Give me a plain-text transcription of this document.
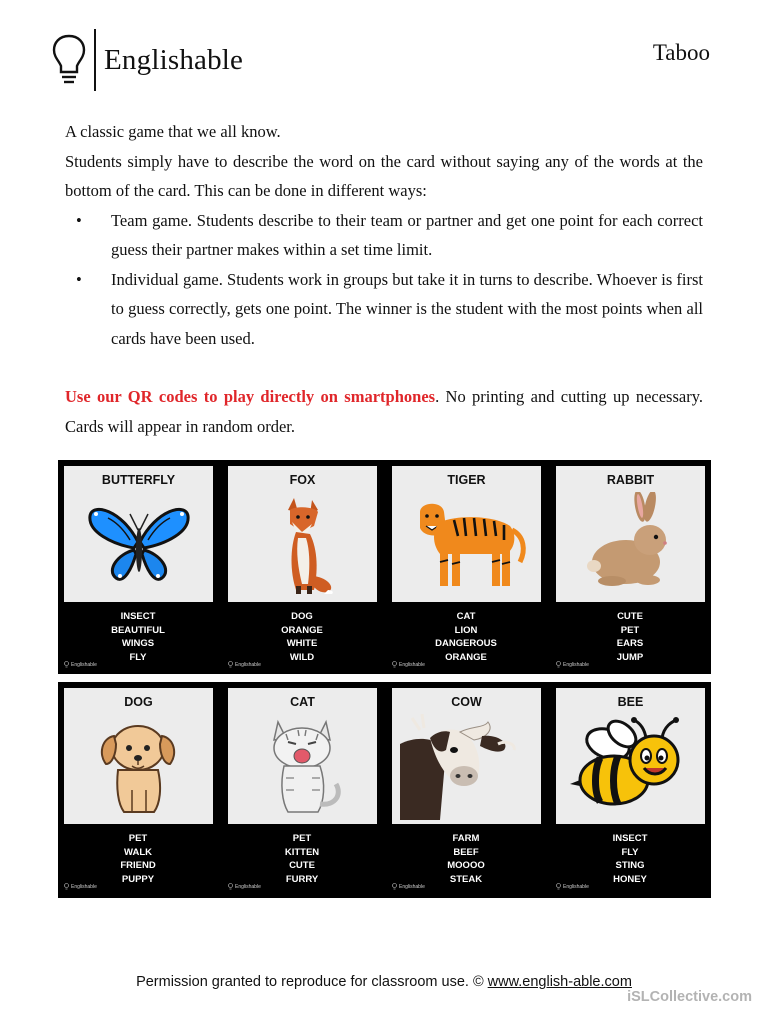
Englishable	Taboo

A classic game that we all know.

Students simply have to describe the word on the card without saying any of the words at the bottom of the card. This can be done in different ways:

• Team game. Students describe to their team or partner and get one point for each correct guess their partner makes within a set time limit.
• Individual game. Students work in groups but take it in turns to describe. Whoever is first to guess correctly, gets one point. The winner is the student with the most points when all cards have been used.

Use our QR codes to play directly on smartphones. No printing and cutting up necessary. Cards will appear in random order.

BUTTERFLY
INSECT
BEAUTIFUL
WINGS
FLY
Englishable
FOX
DOG
ORANGE
WHITE
WILD
Englishable
TIGER
CAT
LION
DANGEROUS
ORANGE
Englishable
RABBIT
CUTE
PET
EARS
JUMP
Englishable
DOG
PET
WALK
FRIEND
PUPPY
Englishable
CAT
PET
KITTEN
CUTE
FURRY
Englishable
COW
FARM
BEEF
MOOOO
STEAK
Englishable
BEE
INSECT
FLY
STING
HONEY
Englishable
Permission granted to reproduce for classroom use. © www.english-able.com
iSLCollective.com
